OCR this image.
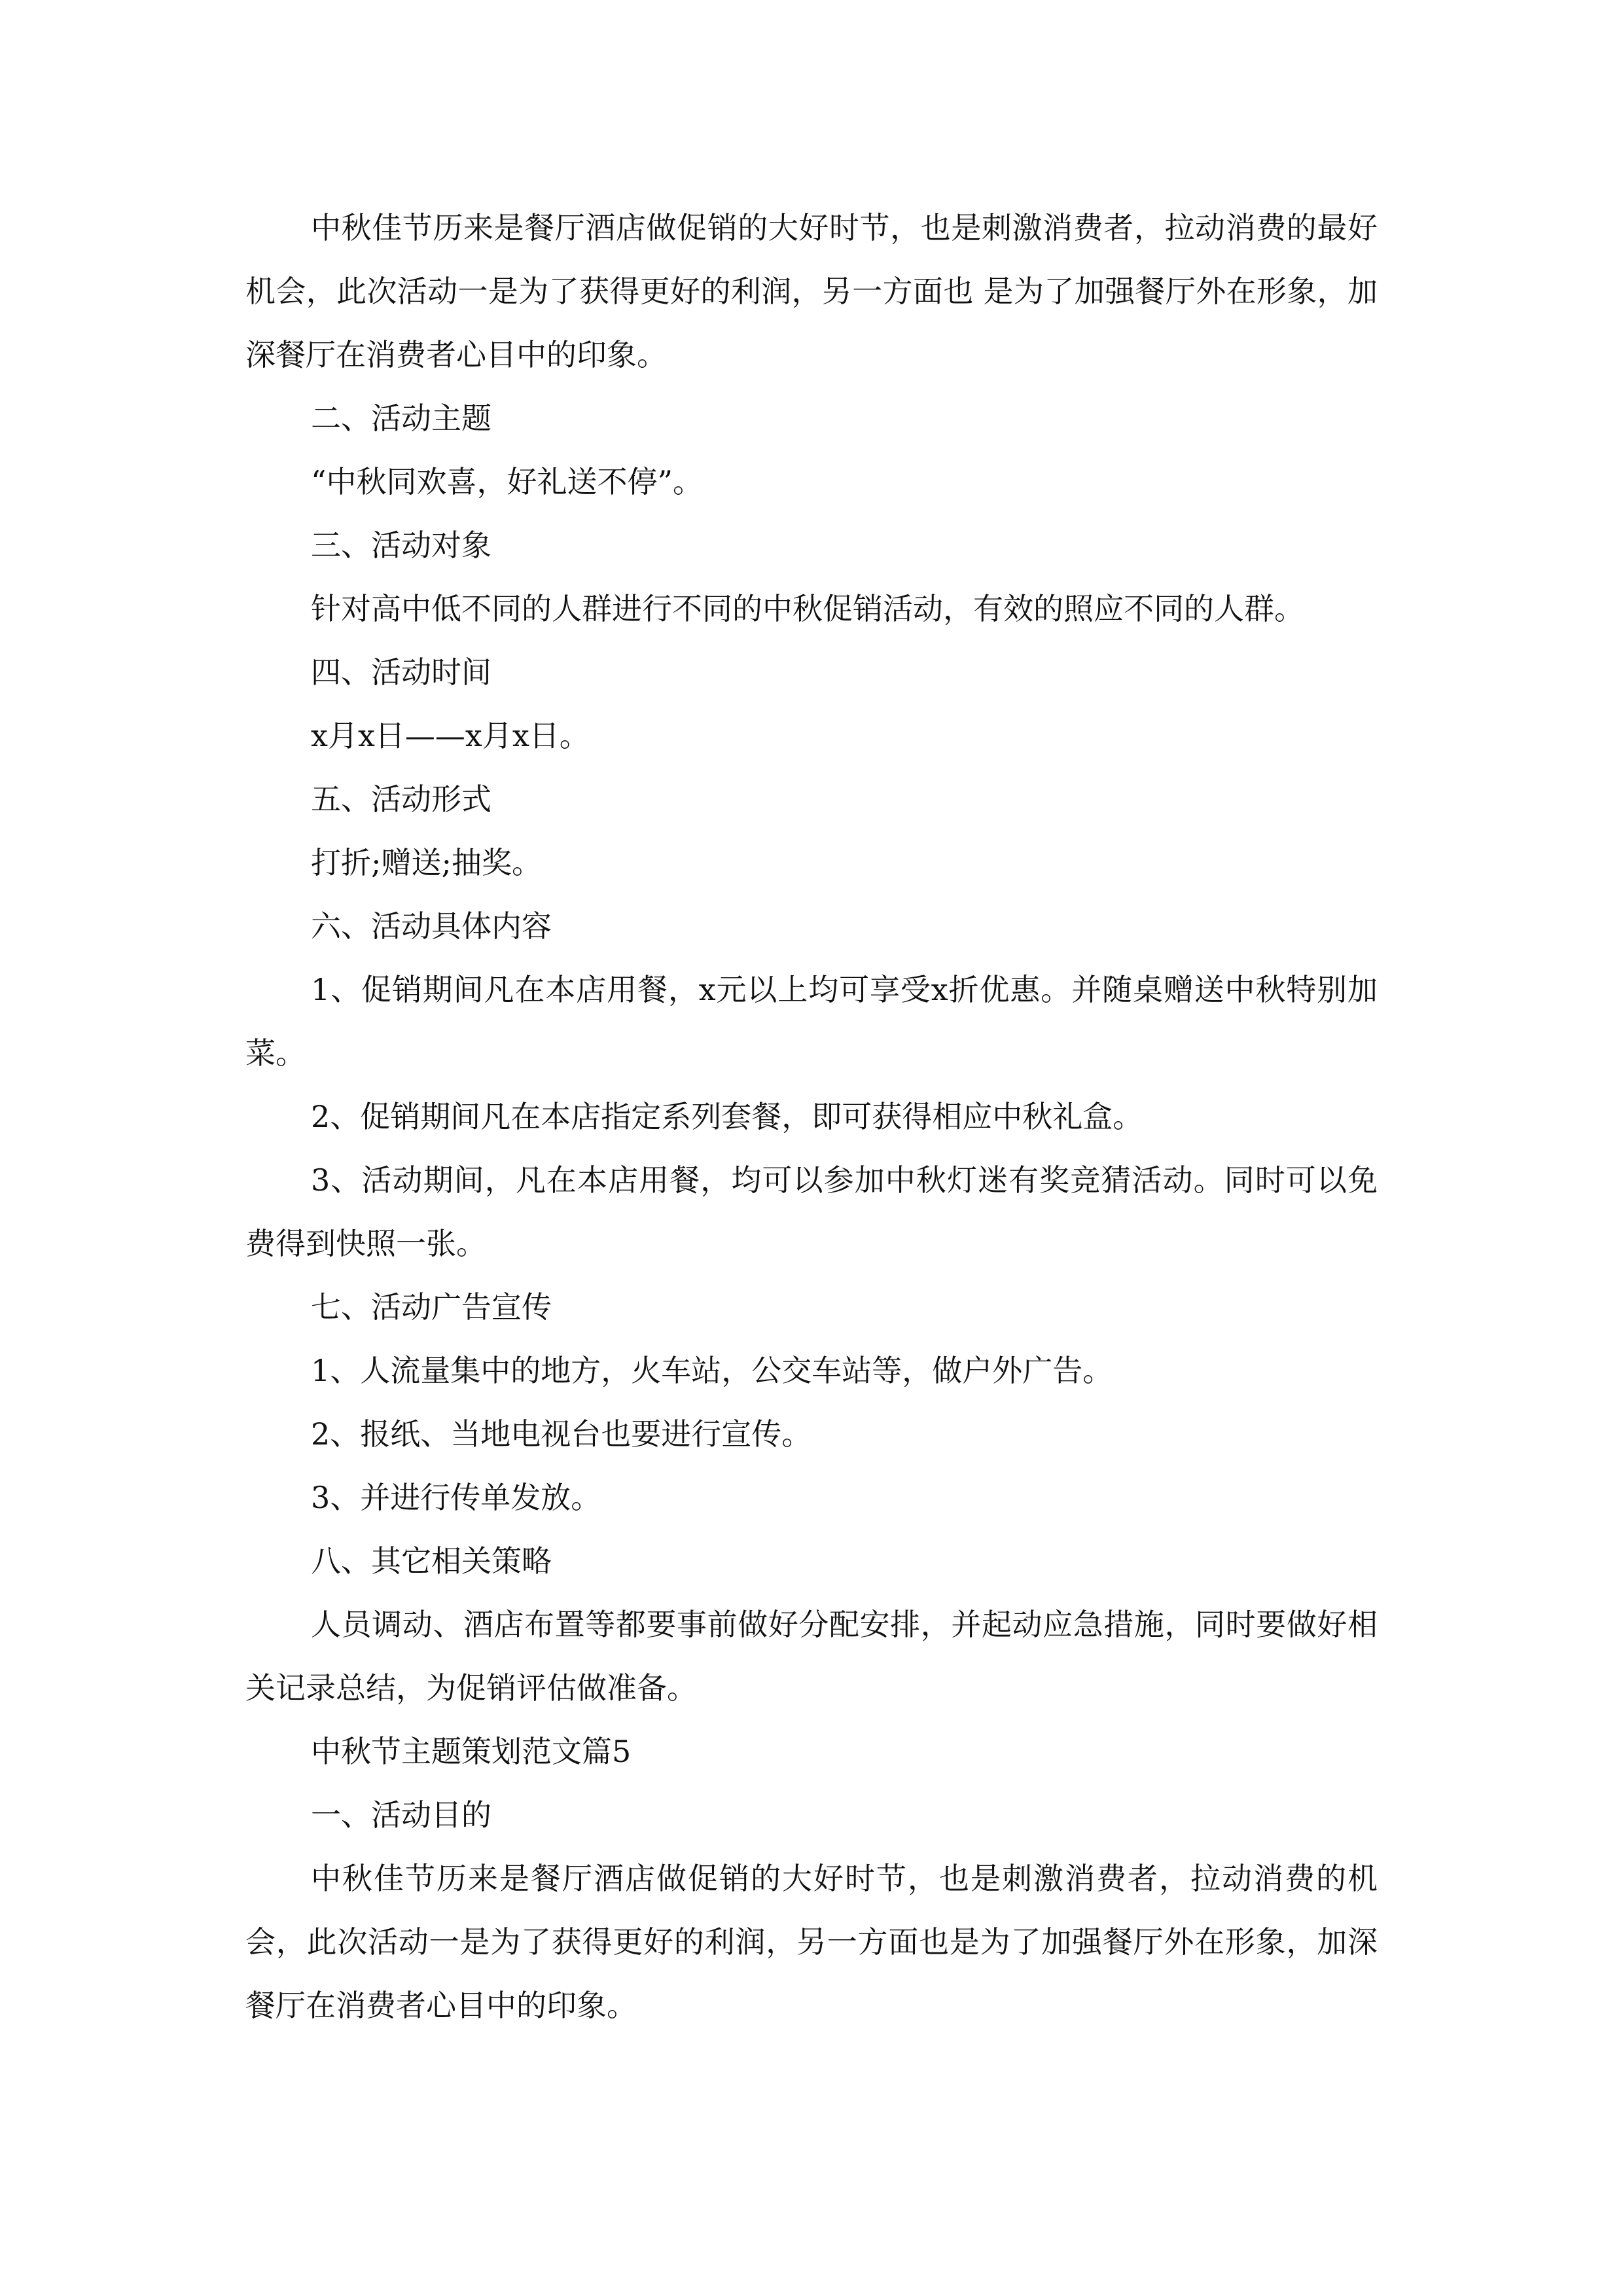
中秋佳节历来是餐厅酒店做促销的大好时节，也是刺激消费者，拉动消费的最好机会，此次活动一是为了获得更好的利润，另一方面也 是为了加强餐厅外在形象，加深餐厅在消费者心目中的印象。

二、活动主题

“中秋同欢喜，好礼送不停”。

三、活动对象

针对高中低不同的人群进行不同的中秋促销活动，有效的照应不同的人群。

四、活动时间

x月x日——x月x日。

五、活动形式

打折;赠送;抽奖。

六、活动具体内容

1、促销期间凡在本店用餐，x元以上均可享受x折优惠。并随桌赠送中秋特别加菜。

2、促销期间凡在本店指定系列套餐，即可获得相应中秋礼盒。

3、活动期间，凡在本店用餐，均可以参加中秋灯迷有奖竞猜活动。同时可以免费得到快照一张。

七、活动广告宣传

1、人流量集中的地方，火车站，公交车站等，做户外广告。

2、报纸、当地电视台也要进行宣传。

3、并进行传单发放。

八、其它相关策略

人员调动、酒店布置等都要事前做好分配安排，并起动应急措施，同时要做好相关记录总结，为促销评估做准备。

中秋节主题策划范文篇5

一、活动目的

中秋佳节历来是餐厅酒店做促销的大好时节，也是刺激消费者，拉动消费的机会，此次活动一是为了获得更好的利润，另一方面也是为了加强餐厅外在形象，加深餐厅在消费者心目中的印象。
